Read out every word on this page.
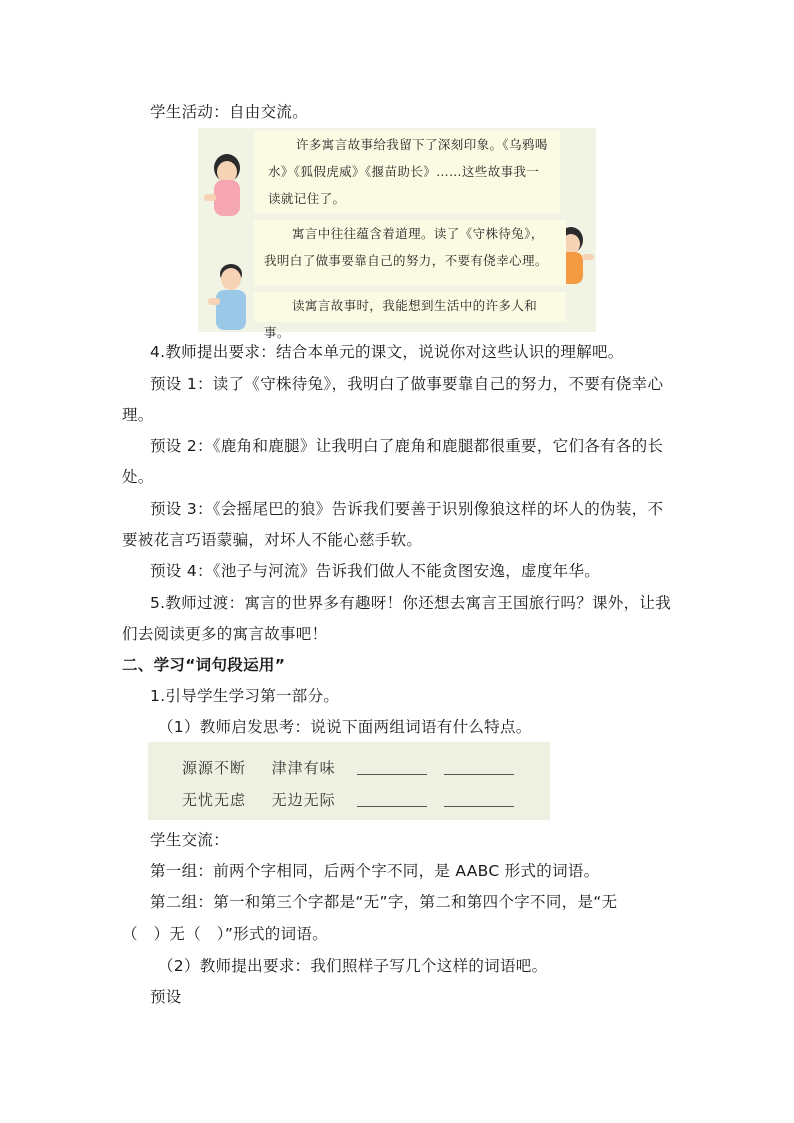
学生活动：自由交流。

许多寓言故事给我留下了深刻印象。《乌鸦喝

水》《狐假虎威》《揠苗助长》……这些故事我一

读就记住了。

寓言中往往蕴含着道理。读了《守株待兔》，

我明白了做事要靠自己的努力，不要有侥幸心理。

读寓言故事时，我能想到生活中的许多人和事。

4.教师提出要求：结合本单元的课文，说说你对这些认识的理解吧。
预设 1：读了《守株待兔》，我明白了做事要靠自己的努力，不要有侥幸心
理。
预设 2：《鹿角和鹿腿》让我明白了鹿角和鹿腿都很重要，它们各有各的长
处。
预设 3：《会摇尾巴的狼》告诉我们要善于识别像狼这样的坏人的伪装，不
要被花言巧语蒙骗，对坏人不能心慈手软。
预设 4：《池子与河流》告诉我们做人不能贪图安逸，虚度年华。
5.教师过渡：寓言的世界多有趣呀！你还想去寓言王国旅行吗？课外，让我
们去阅读更多的寓言故事吧！
二、学习“词句段运用”
1.引导学生学习第一部分。
（1）教师启发思考：说说下面两组词语有什么特点。
源源不断 津津有味
无忧无虑 无边无际
学生交流：
第一组：前两个字相同，后两个字不同，是 AABC 形式的词语。
第二组：第一和第三个字都是“无”字，第二和第四个字不同，是“无
（　）无（　）”形式的词语。
（2）教师提出要求：我们照样子写几个这样的词语吧。
预设
